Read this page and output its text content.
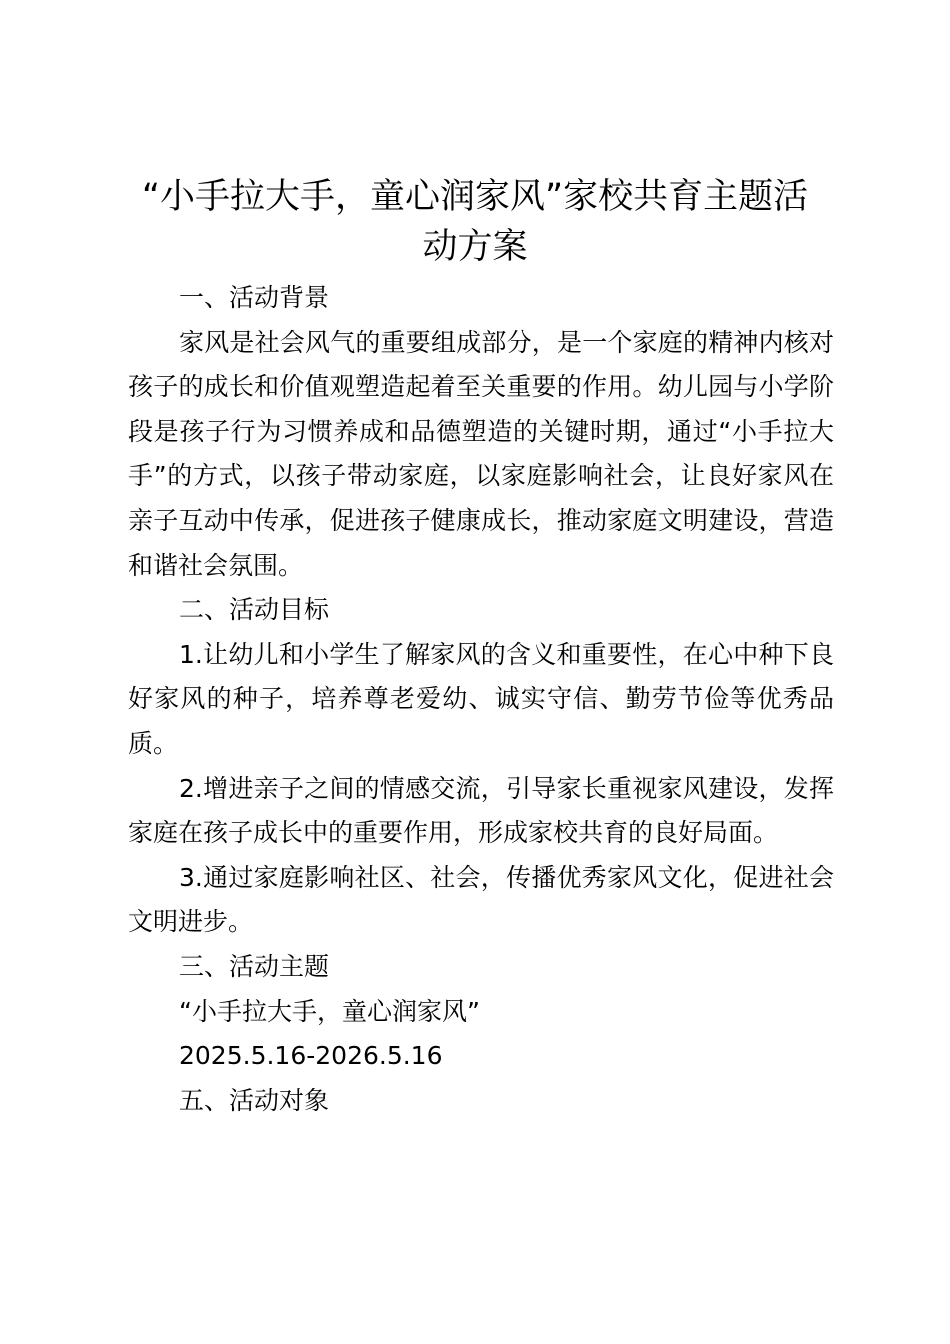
“小手拉大手，童心润家风”家校共育主题活动方案

一、活动背景

家风是社会风气的重要组成部分，是一个家庭的精神内核对孩子的成长和价值观塑造起着至关重要的作用。幼儿园与小学阶段是孩子行为习惯养成和品德塑造的关键时期，通过“小手拉大手”的方式，以孩子带动家庭，以家庭影响社会，让良好家风在亲子互动中传承，促进孩子健康成长，推动家庭文明建设，营造和谐社会氛围。

二、活动目标

1.让幼儿和小学生了解家风的含义和重要性，在心中种下良好家风的种子，培养尊老爱幼、诚实守信、勤劳节俭等优秀品质。

2.增进亲子之间的情感交流，引导家长重视家风建设，发挥家庭在孩子成长中的重要作用，形成家校共育的良好局面。

3.通过家庭影响社区、社会，传播优秀家风文化，促进社会文明进步。

三、活动主题

“小手拉大手，童心润家风”

2025.5.16-2026.5.16

五、活动对象
